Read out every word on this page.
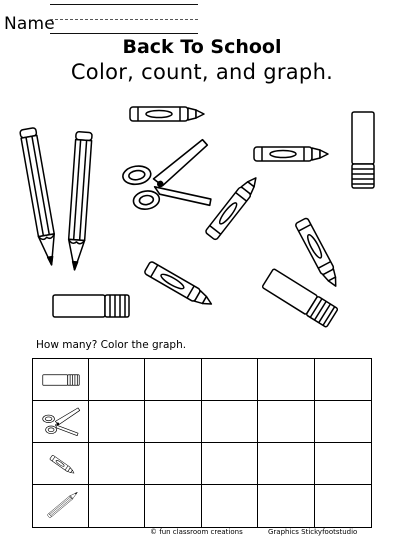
Name
Back To School
Color, count, and graph.
How many? Color the graph.
© fun classroom creations	Graphics Stickyfootstudio
